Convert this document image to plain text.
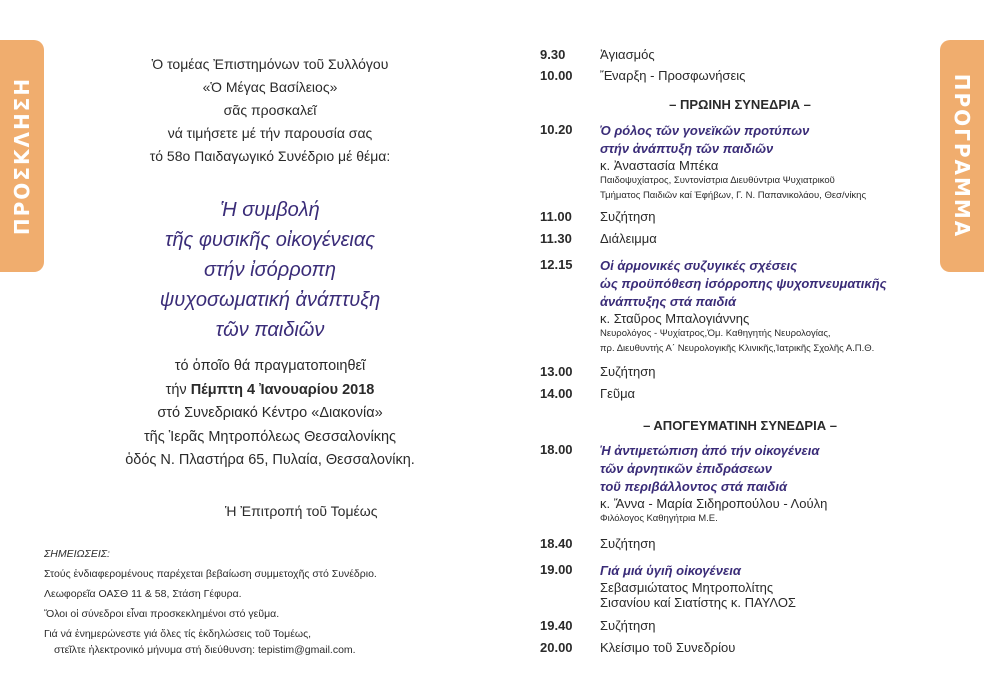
ΠΡΟΣΚΛΗΣΗ	ΠΡΟΓΡΑΜΜΑ
Ὁ τομέας Ἐπιστημόνων τοῦ Συλλόγου
«Ὁ Μέγας Βασίλειος»
σᾶς προσκαλεῖ
νά τιμήσετε μέ τήν παρουσία σας
τό 58ο Παιδαγωγικό Συνέδριο μέ θέμα:
Ἡ συμβολή
τῆς φυσικῆς οἰκογένειας
στήν ἰσόρροπη
ψυχοσωματική ἀνάπτυξη
τῶν παιδιῶν
τό ὁποῖο θά πραγματοποιηθεῖ
τήν Πέμπτη 4 Ἰανουαρίου 2018
στό Συνεδριακό Κέντρο «Διακονία»
τῆς Ἱερᾶς Μητροπόλεως Θεσσαλονίκης
ὁδός Ν. Πλαστήρα 65, Πυλαία, Θεσσαλονίκη.
Ἡ Ἐπιτροπή τοῦ Τομέως
ΣΗΜΕΙΩΣΕΙΣ:
Στούς ἐνδιαφερομένους παρέχεται βεβαίωση συμμετοχῆς στό Συνέδριο.
Λεωφορεῖα ΟΑΣΘ 11 & 58, Στάση Γέφυρα.
Ὅλοι οἱ σύνεδροι εἶναι προσκεκλημένοι στό γεῦμα.
Γιά νά ἐνημερώνεστε γιά ὅλες τίς ἐκδηλώσεις τοῦ Τομέως,
στεῖλτε ἠλεκτρονικό μήνυμα στή διεύθυνση: tepistim@gmail.com.
9.30	Ἁγιασμός
10.00 Ἔναρξη - Προσφωνήσεις
– ΠΡΩΙΝΗ ΣΥΝΕΔΡΙΑ –
10.20 Ὁ ρόλος τῶν γονεϊκῶν προτύπων
στήν ἀνάπτυξη τῶν παιδιῶν
κ. Ἀναστασία Μπέκα
Παιδοψυχίατρος, Συντονίστρια Διευθύντρια Ψυχιατρικοῦ
Τμήματος Παιδιῶν καί Ἐφήβων, Γ. Ν. Παπανικολάου, Θεσ/νίκης
11.00 Συζήτηση
11.30 Διάλειμμα
12.15 Οἱ ἁρμονικές συζυγικές σχέσεις
ὡς προϋπόθεση ἰσόρροπης ψυχοπνευματικῆς
ἀνάπτυξης στά παιδιά
κ. Σταῦρος Μπαλογιάννης
Νευρολόγος - Ψυχίατρος,Ὁμ. Καθηγητής Νευρολογίας,
πρ. Διευθυντής Α΄ Νευρολογικῆς Κλινικῆς,Ἰατρικῆς Σχολῆς Α.Π.Θ.
13.00 Συζήτηση
14.00 Γεῦμα
– ΑΠΟΓΕΥΜΑΤΙΝΗ ΣΥΝΕΔΡΙΑ –
18.00 Ἡ ἀντιμετώπιση ἀπό τήν οἰκογένεια
τῶν ἀρνητικῶν ἐπιδράσεων
τοῦ περιβάλλοντος στά παιδιά
κ. Ἄννα - Μαρία Σιδηροπούλου - Λούλη
Φιλόλογος Καθηγήτρια Μ.Ε.
18.40 Συζήτηση
19.00 Γιά μιά ὑγιῆ οἰκογένεια
Σεβασμιώτατος Μητροπολίτης
Σισανίου καί Σιατίστης κ. ΠΑΥΛΟΣ
19.40 Συζήτηση
20.00 Κλείσιμο τοῦ Συνεδρίου
